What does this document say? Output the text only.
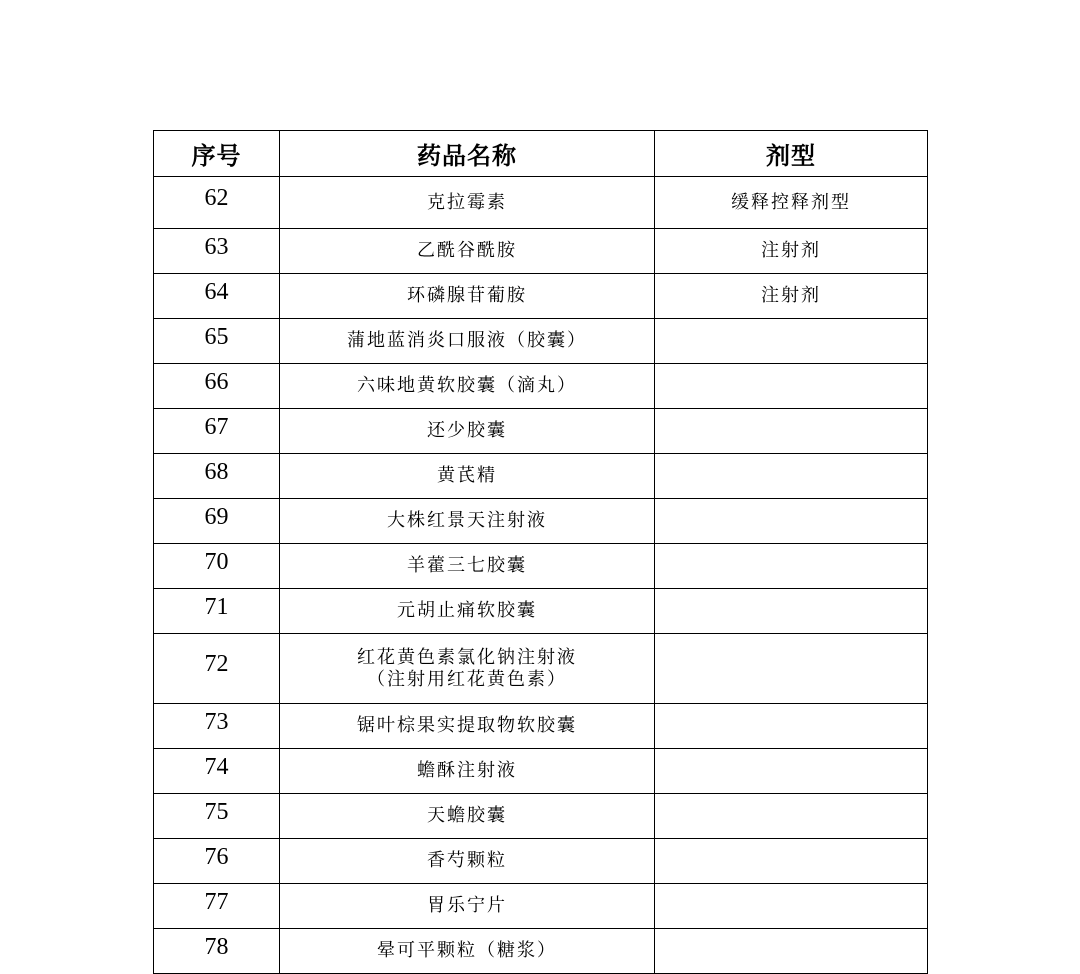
序号	药品名称	剂型
62	克拉霉素	缓释控释剂型
63	乙酰谷酰胺	注射剂
64	环磷腺苷葡胺	注射剂
65	蒲地蓝消炎口服液（胶囊）	

66	六味地黄软胶囊（滴丸）	

67	还少胶囊	

68	黄芪精	

69	大株红景天注射液	

70	羊藿三七胶囊	

71	元胡止痛软胶囊	

72	红花黄色素氯化钠注射液
（注射用红花黄色素）	

73	锯叶棕果实提取物软胶囊	

74	蟾酥注射液	

75	天蟾胶囊	

76	香芍颗粒	

77	胃乐宁片	

78	晕可平颗粒（糖浆）	
